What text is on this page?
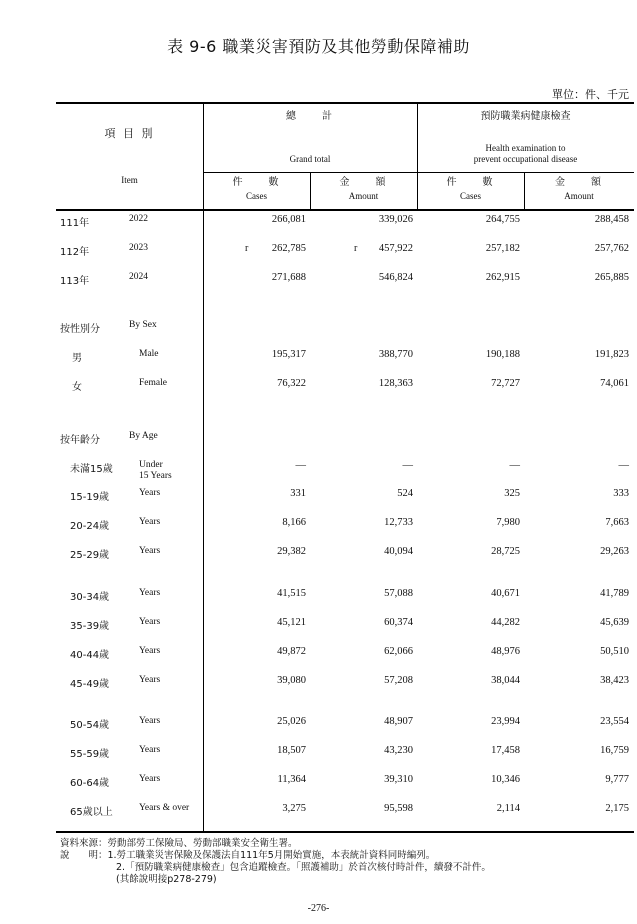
表 9-6 職業災害預防及其他勞動保障補助
單位：件、千元
項 目 別
Item
總　　計
Grand total
預防職業病健康檢查
Health examination to
prevent occupational disease
件　　數
Cases
金　　額
Amount
件　　數
Cases
金　　額
Amount
111年	2022	266,081	339,026	264,755	288,458
112年	2023	r	262,785	r	457,922	257,182	257,762
113年	2024	271,688	546,824	262,915	265,885
按性別分	By Sex
男	Male	195,317	388,770	190,188	191,823
女	Female	76,322	128,363	72,727	74,061
按年齡分	By Age
未滿15歲	Under
15 Years
—	—	—	—
15-19歲	Years	331	524	325	333
20-24歲	Years	8,166	12,733	7,980	7,663
25-29歲	Years	29,382	40,094	28,725	29,263
30-34歲	Years	41,515	57,088	40,671	41,789
35-39歲	Years	45,121	60,374	44,282	45,639
40-44歲	Years	49,872	62,066	48,976	50,510
45-49歲	Years	39,080	57,208	38,044	38,423
50-54歲	Years	25,026	48,907	23,994	23,554
55-59歲	Years	18,507	43,230	17,458	16,759
60-64歲	Years	11,364	39,310	10,346	9,777
65歲以上	Years & over	3,275	95,598	2,114	2,175
資料來源：勞動部勞工保險局、勞動部職業安全衛生署。
說　　明：1.勞工職業災害保險及保護法自111年5月開始實施，本表統計資料同時編列。
2.「預防職業病健康檢查」包含追蹤檢查。「照護補助」於首次核付時計件，續發不計件。
(其餘說明接p278-279)
-276-
